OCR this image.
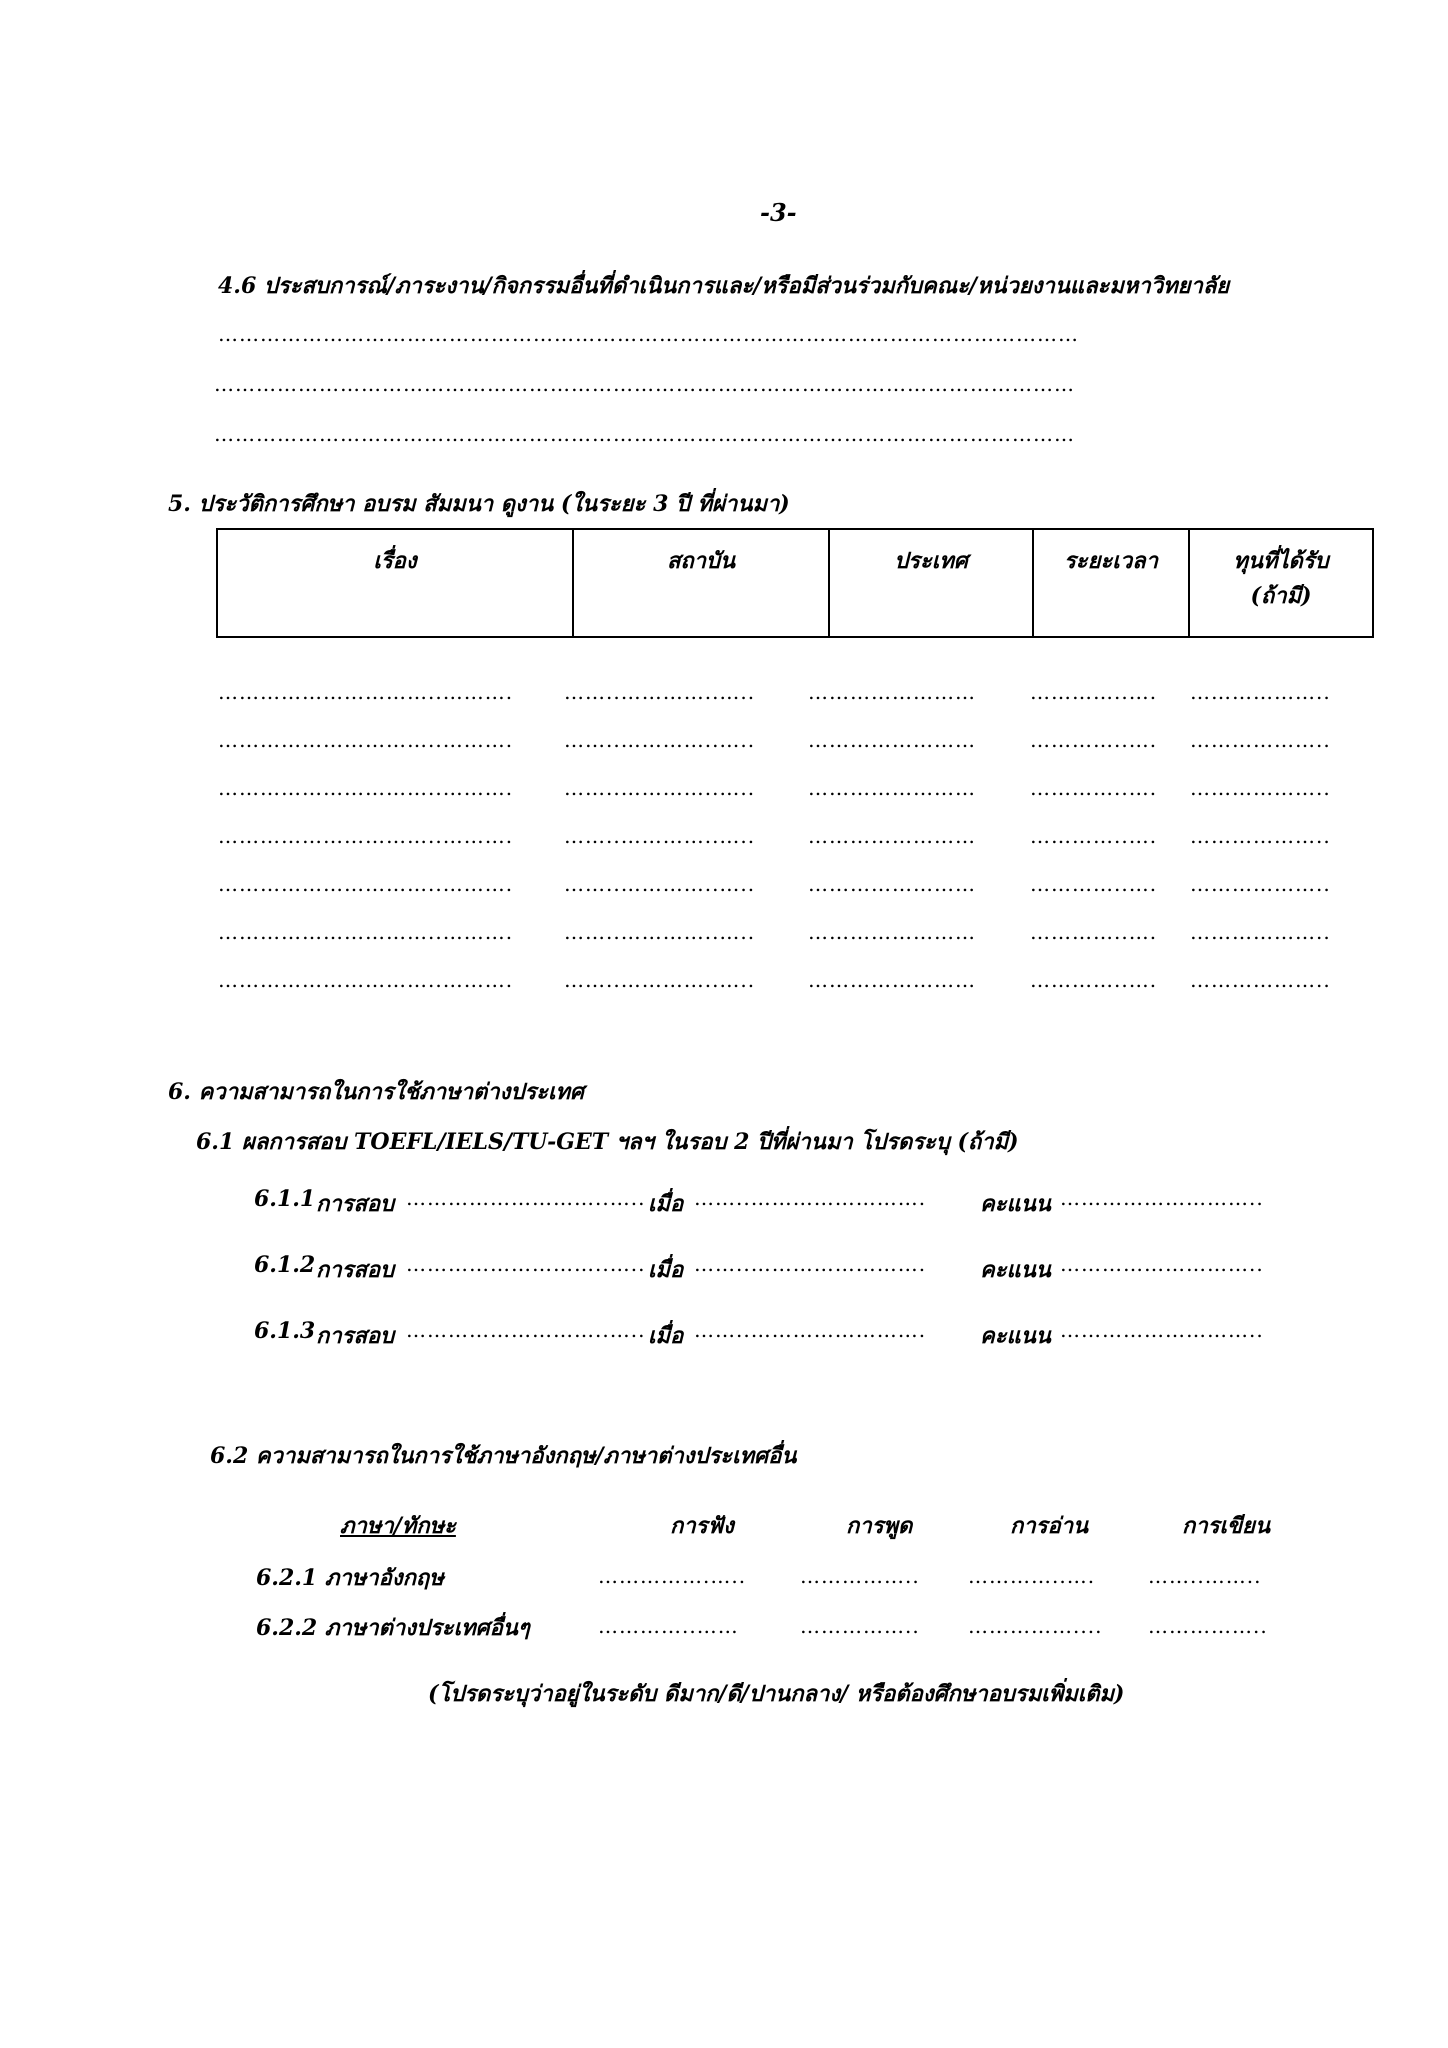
-3-
4.6 ประสบการณ์/ภาระงาน/กิจกรรมอื่นที่ดำเนินการและ/หรือมีส่วนร่วมกับคณะ/หน่วยงานและมหาวิทยาลัย
……………………………………………………………………………………………………………
……………………………………………………………………………………………………………
……………………………………………………………………………………………………………
5. ประวัติการศึกษา อบรม สัมมนา ดูงาน (ในระยะ 3 ปี ที่ผ่านมา)
เรื่อง	สถาบัน	ประเทศ	ระยะเวลา	ทุนที่ได้รับ
(ถ้ามี)
…………………………..……….	……..…………..…..	……………………	…………..…. ………………..
…………………………..……….	……..…………..…..	……………………	…………..…. ………………..
…………………………..……….	……..…………..…..	……………………	…………..…. ………………..
…………………………..……….	……..…………..…..	……………………	…………..…. ………………..
…………………………..……….	……..…………..…..	……………………	…………..…. ………………..
…………………………..……….	……..…………..…..	……………………	…………..…. ………………..
…………………………..……….	……..…………..…..	……………………	…………..…. ………………..
6. ความสามารถในการใช้ภาษาต่างประเทศ
6.1 ผลการสอบ TOEFL/IELS/TU-GET ฯลฯ ในรอบ 2 ปีที่ผ่านมา โปรดระบุ (ถ้ามี)
6.1.1 การสอบ ………………………..….. เมื่อ ……..……………………. คะแนน ………………………..
6.1.2 การสอบ ………………………..….. เมื่อ ……..……………………. คะแนน ………………………..
6.1.3 การสอบ ………………………..….. เมื่อ ……..……………………. คะแนน ………………………..
6.2 ความสามารถในการใช้ภาษาอังกฤษ/ภาษาต่างประเทศอื่น
ภาษา/ทักษะ	การฟัง	การพูด	การอ่าน	การเขียน
6.2.1 ภาษาอังกฤษ	…………….…..	…………….. …………..….	……..……..
6.2.2 ภาษาต่างประเทศอื่นๆ	…………..……	…………….. …………….... ……………..
(โปรดระบุว่าอยู่ในระดับ ดีมาก/ดี/ปานกลาง/ หรือต้องศึกษาอบรมเพิ่มเติม)
